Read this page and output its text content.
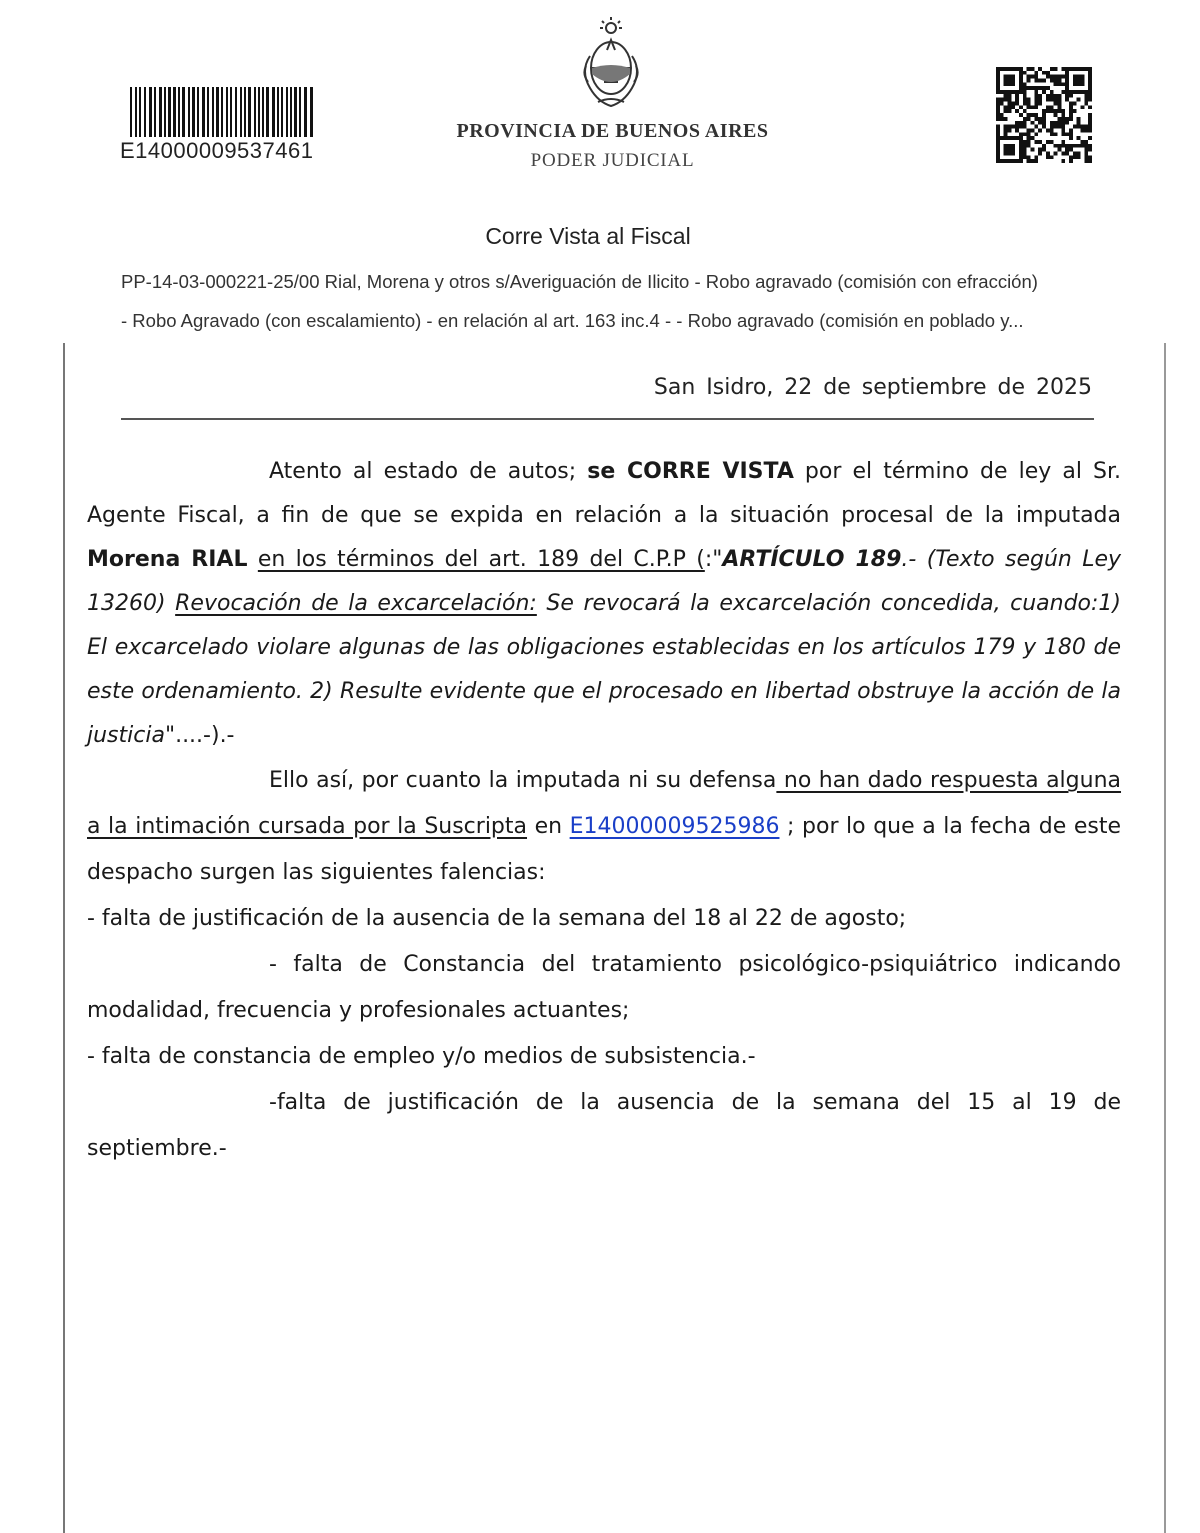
E14000009537461
PROVINCIA DE BUENOS AIRES
PODER JUDICIAL
Corre Vista al Fiscal
PP-14-03-000221-25/00 Rial, Morena y otros s/Averiguación de Ilicito - Robo agravado (comisión con efracción)
- Robo Agravado (con escalamiento) - en relación al art. 163 inc.4 - - Robo agravado (comisión en poblado y...
San Isidro, 22 de septiembre de 2025

Atento al estado de autos; se CORRE VISTA por el término de ley al Sr. Agente Fiscal, a fin de que se expida en relación a la situación procesal de la imputada Morena RIAL en los términos del art. 189 del C.P.P (:"ARTÍCULO 189.- (Texto según Ley 13260) Revocación de la excarcelación: Se revocará la excarcelación concedida, cuando:1) El excarcelado violare algunas de las obligaciones establecidas en los artículos 179 y 180 de este ordenamiento. 2) Resulte evidente que el procesado en libertad obstruye la acción de la justicia"....-).-

Ello así, por cuanto la imputada ni su defensa no han dado respuesta alguna a la intimación cursada por la Suscripta en E14000009525986 ; por lo que a la fecha de este despacho surgen las siguientes falencias:

- falta de justificación de la ausencia de la semana del 18 al 22 de agosto;

- falta de Constancia del tratamiento psicológico-psiquiátrico indicando modalidad, frecuencia y profesionales actuantes;

- falta de constancia de empleo y/o medios de subsistencia.-

-falta de justificación de la ausencia de la semana del 15 al 19 de septiembre.-
